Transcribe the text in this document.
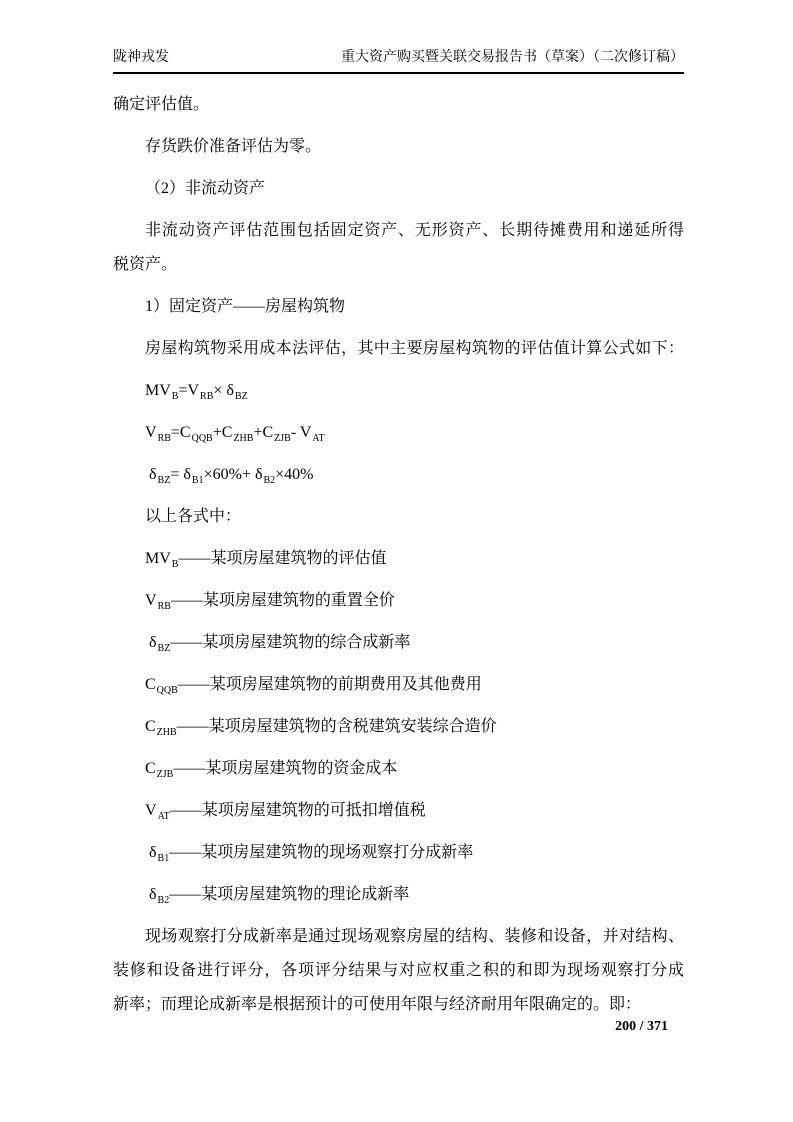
陇神戎发	重大资产购买暨关联交易报告书（草案）（二次修订稿）
确定评估值。
存货跌价准备评估为零。
（2）非流动资产
非流动资产评估范围包括固定资产、无形资产、长期待摊费用和递延所得
税资产。
1）固定资产——房屋构筑物
房屋构筑物采用成本法评估，其中主要房屋构筑物的评估值计算公式如下：
$MV_B=V_{RB}\times \delta_{BZ}$
$V_{RB}=C_{QQB}+C_{ZHB}+C_{ZJB}-$ $V_{AT}$
$\delta_{BZ}= \delta_{B1}\times 60\%+ \delta_{B2}\times 40\%$
以上各式中：
$MV_B——$某项房屋建筑物的评估值
$V_{RB}——$某项房屋建筑物的重置全价
$\delta_{BZ}——$某项房屋建筑物的综合成新率
$C_{QQB}——$某项房屋建筑物的前期费用及其他费用
$C_{ZHB}——$某项房屋建筑物的含税建筑安装综合造价
$C_{ZJB}——$某项房屋建筑物的资金成本
$V_{AT}——$某项房屋建筑物的可抵扣增值税
$\delta_{B1}——$某项房屋建筑物的现场观察打分成新率
$\delta_{B2}——$某项房屋建筑物的理论成新率
现场观察打分成新率是通过现场观察房屋的结构、装修和设备，并对结构、
装修和设备进行评分，各项评分结果与对应权重之积的和即为现场观察打分成
新率；而理论成新率是根据预计的可使用年限与经济耐用年限确定的。即：
200 / 371
